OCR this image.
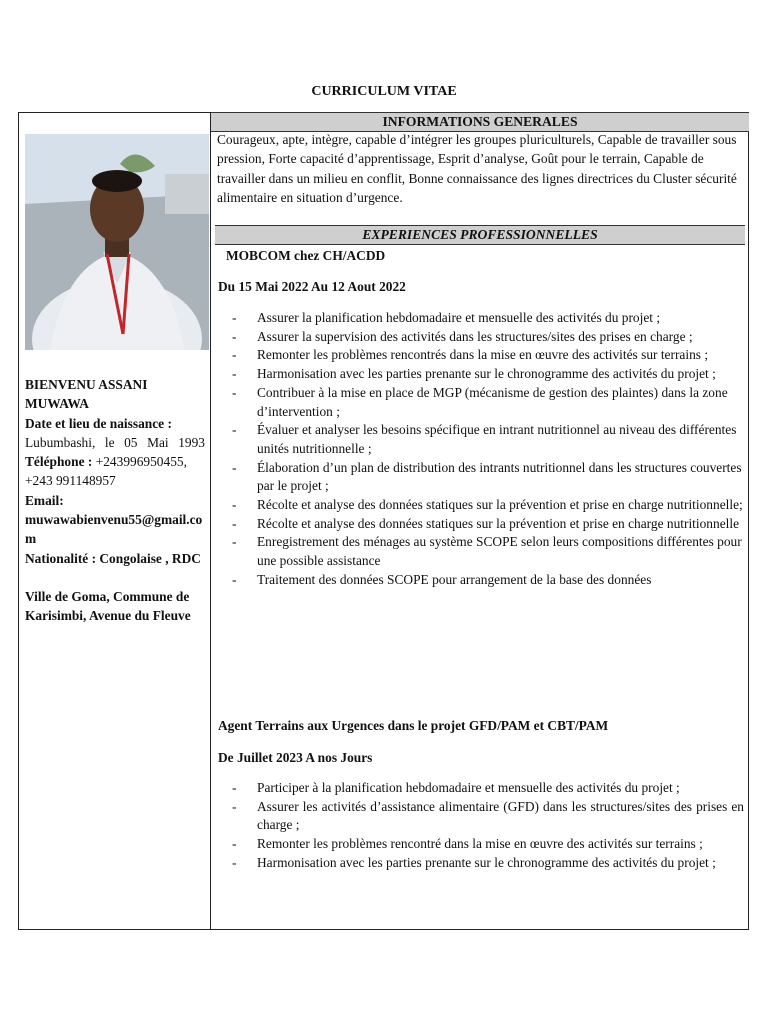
CURRICULUM VITAE
BIENVENU ASSANI MUWAWA
Date et lieu de naissance :
Lubumbashi, le 05 Mai 1993
Téléphone : +243996950455, +243 991148957
Email:
muwawabienvenu55@gmail.com
Nationalité : Congolaise , RDC
Ville de Goma, Commune de Karisimbi, Avenue du Fleuve
INFORMATIONS GENERALES
Courageux, apte, intègre, capable d’intégrer les groupes pluriculturels, Capable de travailler sous pression, Forte capacité d’apprentissage, Esprit d’analyse, Goût pour le terrain, Capable de travailler dans un milieu en conflit, Bonne connaissance des lignes directrices du Cluster sécurité alimentaire en situation d’urgence.
EXPERIENCES PROFESSIONNELLES
MOBCOM chez CH/ACDD
Du 15 Mai 2022 Au 12 Aout 2022
- Assurer la planification hebdomadaire et mensuelle des activités du projet ;
- Assurer la supervision des activités dans les structures/sites des prises en charge ;
- Remonter les problèmes rencontrés dans la mise en œuvre des activités sur terrains ;
- Harmonisation avec les parties prenante sur le chronogramme des activités du projet ;
- Contribuer à la mise en place de MGP (mécanisme de gestion des plaintes) dans la zone d’intervention ;
- Évaluer et analyser les besoins spécifique en intrant nutritionnel au niveau des différentes unités nutritionnelle ;
- Élaboration d’un plan de distribution des intrants nutritionnel dans les structures couvertes par le projet ;
- Récolte et analyse des données statiques sur la prévention et prise en charge nutritionnelle;
- Récolte et analyse des données statiques sur la prévention et prise en charge nutritionnelle
- Enregistrement des ménages au système SCOPE selon leurs compositions différentes pour une possible assistance
- Traitement des données SCOPE pour arrangement de la base des données
Agent Terrains aux Urgences dans le projet GFD/PAM et CBT/PAM
De Juillet 2023 A nos Jours
- Participer à la planification hebdomadaire et mensuelle des activités du projet ;
- Assurer les activités d’assistance alimentaire (GFD) dans les structures/sites des prises en charge ;
- Remonter les problèmes rencontré dans la mise en œuvre des activités sur terrains ;
- Harmonisation avec les parties prenante sur le chronogramme des activités du projet ;
